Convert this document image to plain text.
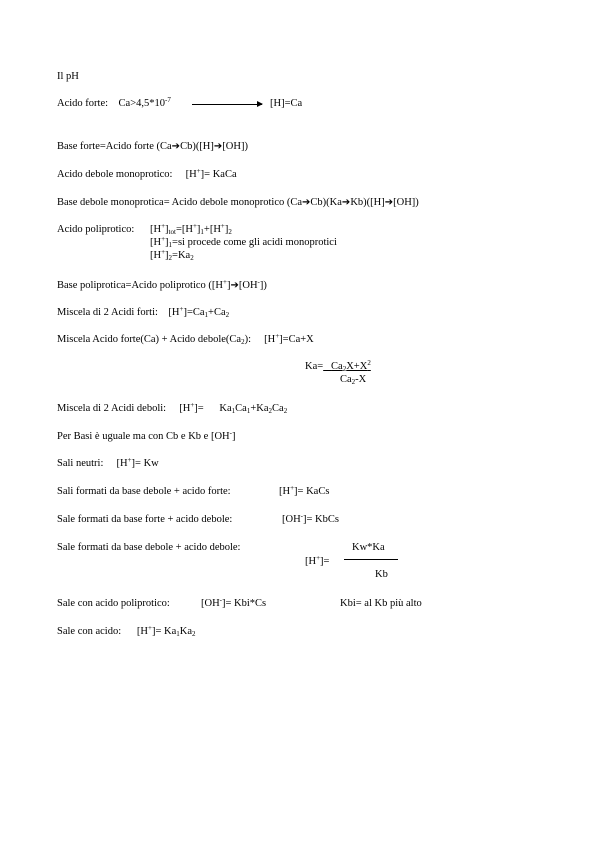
Il pH
Acido forte: $Ca>4,5*10^{-7}$	[H]=Ca
Base forte=Acido forte (Ca➔Cb)([H]➔[OH])
Acido debole monoprotico: [H+]= KaCa
Base debole monoprotica= Acido debole monoprotico (Ca➔Cb)(Ka➔Kb)([H]➔[OH])
Acido poliprotico: $[H^+]_{tot}=[H^+]_1+[H^+]_2$
$[H^+]_1=si$ procede come gli acidi monoprotici
$[H^+]_2=Ka_2$
Base poliprotica=Acido poliprotico ([H+]➔[OH-])
Miscela di 2 Acidi forti: $[H^+]=Ca_1+Ca_2$
Miscela Acido forte(Ca) + Acido $debole(Ca_2)$: [H+]=Ca+X
$Ka= Ca_2X+X^2$
$Ca_2-X$
Miscela di 2 Acidi deboli: $[H^+]= Ka_1Ca_1+Ka_2Ca_2$
Per Basi è uguale ma con Cb e Kb e [OH-]
Sali neutri: [H+]= Kw
Sali formati da base debole + acido forte:	[H+]= KaCs
Sale formati da base forte + acido debole:	[OH-]= KbCs
Sale formati da base debole + acido debole:	Kw*Ka
[H+]=
Kb
Sale con acido poliprotico:	[OH-]= Kbi*Cs	Kbi= al Kb più alto
Sale con acido: $[H^+]= Ka_1Ka_2$
